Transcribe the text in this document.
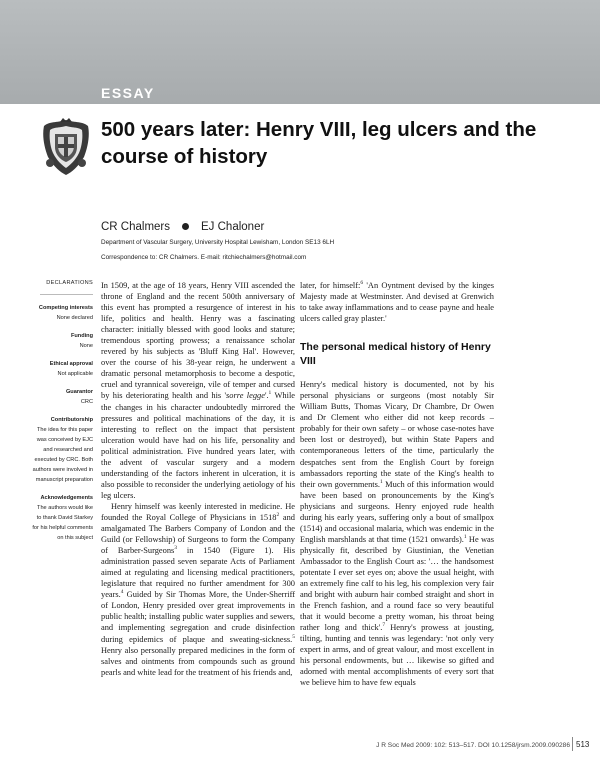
ESSAY
500 years later: Henry VIII, leg ulcers and the course of history
CR Chalmers	EJ Chaloner
Department of Vascular Surgery, University Hospital Lewisham, London SE13 6LH
Correspondence to: CR Chalmers. E-mail: ritchiechalmers@hotmail.com
DECLARATIONS
Competing interests
None declared
Funding
None
Ethical approval
Not applicable
Guarantor
CRC
Contributorship
The idea for this paper was conceived by EJC and researched and executed by CRC. Both authors were involved in manuscript preparation
Acknowledgements
The authors would like to thank David Starkey for his helpful comments on this subject

In 1509, at the age of 18 years, Henry VIII ascended the throne of England and the recent 500th anniversary of this event has prompted a resurgence of interest in his life, politics and health. Henry was a fascinating character: initially blessed with good looks and stature; tremendous sporting prowess; a renaissance scholar revered by his subjects as 'Bluff King Hal'. However, over the course of his 38-year reign, he underwent a dramatic personal metamorphosis to become a despotic, cruel and tyrannical sovereign, vile of temper and cursed by his deteriorating health and his 'sorre legge'.$^1$ While the changes in his character undoubtedly mirrored the pressures and political machinations of the day, it is interesting to reflect on the impact that persistent ulceration would have had on his life, personality and political administration. Five hundred years later, with the advent of vascular surgery and a modern understanding of the factors inherent in ulceration, it is also possible to reconsider the underlying aetiology of his leg ulcers.

Henry himself was keenly interested in medicine. He founded the Royal College of Physicians in 1518$^2$ and amalgamated The Barbers Company of London and the Guild (or Fellowship) of Surgeons to form the Company of Barber-Surgeons$^3$ in 1540 (Figure 1). His administration passed seven separate Acts of Parliament aimed at regulating and licensing medical practitioners, legislature that required no further amendment for 300 years.$^4$ Guided by Sir Thomas More, the Under-Sherriff of London, Henry presided over great improvements in public health; installing public water supplies and sewers, and implementing segregation and crude disinfection during epidemics of plaque and sweating-sickness.$^5$ Henry also personally prepared medicines in the form of salves and ointments from compounds such as ground pearls and white lead for the treatment of his friends and,

later, for himself:$^6$ 'An Oyntment devised by the kinges Majesty made at Westminster. And devised at Grenwich to take away inflammations and to cease payne and heale ulcers called gray plaster.'

The personal medical history of Henry VIII
Henry's medical history is documented, not by his personal physicians or surgeons (most notably Sir William Butts, Thomas Vicary, Dr Chambre, Dr Owen and Dr Clement who either did not keep records – probably for their own safety – or whose case-notes have been lost or destroyed), but within State Papers and contemporaneous letters of the time, particularly the despatches sent from the English Court by foreign ambassadors reporting the state of the King's health to their own governments.$^1$ Much of this information would have been based on pronouncements by the King's physicians and surgeons. Henry enjoyed rude health during his early years, suffering only a bout of smallpox (1514) and occasional malaria, which was endemic in the English marshlands at that time (1521 onwards).$^1$ He was physically fit, described by Giustinian, the Venetian Ambassador to the English Court as: '… the handsomest potentate I ever set eyes on; above the usual height, with an extremely fine calf to his leg, his complexion very fair and bright with auburn hair combed straight and short in the French fashion, and a round face so very beautiful that it would become a pretty woman, his throat being rather long and thick'.$^7$ Henry's prowess at jousting, tilting, hunting and tennis was legendary: 'not only very expert in arms, and of great valour, and most excellent in his personal endowments, but … likewise so gifted and adorned with mental accomplishments of every sort that we believe him to have few equals
J R Soc Med 2009: 102: 513–517. DOI 10.1258/jrsm.2009.090286 513
